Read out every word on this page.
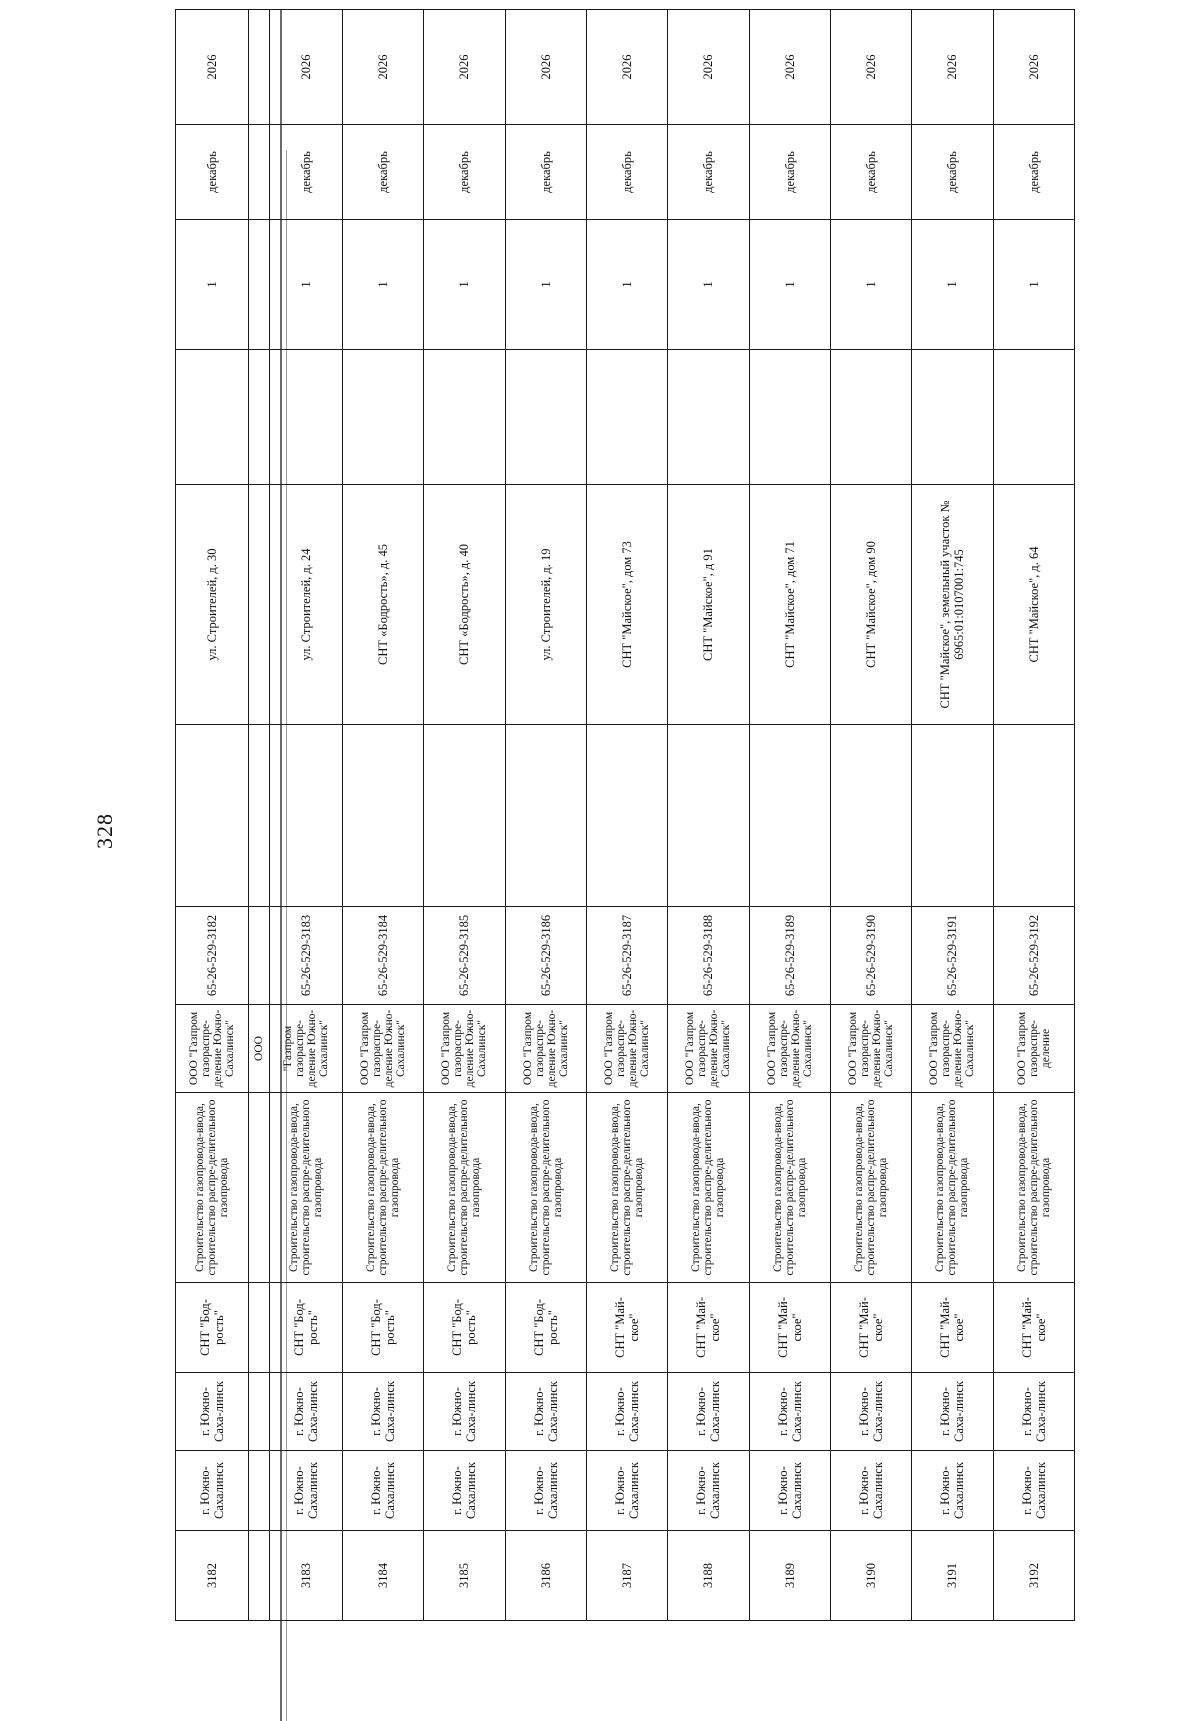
328
3182	г. Южно-Сахалинск	г. Южно-Саха-линск	СНТ "Бод-рость"	Строительство газопровода-ввода, строительство распре-делительного газопровода	ООО "Газпром газораспре-деление Южно-Сахалинск"	65-26-529-3182		ул. Строителей, д. 30		1	декабрь	2026
					ООО							
3183	г. Южно-Сахалинск	г. Южно-Саха-линск	СНТ "Бод-рость"	Строительство газопровода-ввода, строительство распре-делительного газопровода	"Газпром газораспре-деление Южно-Сахалинск"	65-26-529-3183		ул. Строителей, д. 24		1	декабрь	2026
3184	г. Южно-Сахалинск	г. Южно-Саха-линск	СНТ "Бод-рость"	Строительство газопровода-ввода, строительство распре-делительного газопровода	ООО "Газпром газораспре-деление Южно-Сахалинск"	65-26-529-3184		СНТ «Бодрость», д. 45		1	декабрь	2026
3185	г. Южно-Сахалинск	г. Южно-Саха-линск	СНТ "Бод-рость"	Строительство газопровода-ввода, строительство распре-делительного газопровода	ООО "Газпром газораспре-деление Южно-Сахалинск"	65-26-529-3185		СНТ «Бодрость», д. 40		1	декабрь	2026
3186	г. Южно-Сахалинск	г. Южно-Саха-линск	СНТ "Бод-рость"	Строительство газопровода-ввода, строительство распре-делительного газопровода	ООО "Газпром газораспре-деление Южно-Сахалинск"	65-26-529-3186		ул. Строителей, д. 19		1	декабрь	2026
3187	г. Южно-Сахалинск	г. Южно-Саха-линск	СНТ "Май-ское"	Строительство газопровода-ввода, строительство распре-делительного газопровода	ООО "Газпром газораспре-деление Южно-Сахалинск"	65-26-529-3187		СНТ "Майское", дом 73		1	декабрь	2026
3188	г. Южно-Сахалинск	г. Южно-Саха-линск	СНТ "Май-ское"	Строительство газопровода-ввода, строительство распре-делительного газопровода	ООО "Газпром газораспре-деление Южно-Сахалинск"	65-26-529-3188		СНТ "Майское", д 91		1	декабрь	2026
3189	г. Южно-Сахалинск	г. Южно-Саха-линск	СНТ "Май-ское"	Строительство газопровода-ввода, строительство распре-делительного газопровода	ООО "Газпром газораспре-деление Южно-Сахалинск"	65-26-529-3189		СНТ "Майское", дом 71		1	декабрь	2026
3190	г. Южно-Сахалинск	г. Южно-Саха-линск	СНТ "Май-ское"	Строительство газопровода-ввода, строительство распре-делительного газопровода	ООО "Газпром газораспре-деление Южно-Сахалинск"	65-26-529-3190		СНТ "Майское", дом 90		1	декабрь	2026
3191	г. Южно-Сахалинск	г. Южно-Саха-линск	СНТ "Май-ское"	Строительство газопровода-ввода, строительство распре-делительного газопровода	ООО "Газпром газораспре-деление Южно-Сахалинск"	65-26-529-3191		СНТ "Майское", земельный участок № 6965:01:0107001:745		1	декабрь	2026
3192	г. Южно-Сахалинск	г. Южно-Саха-линск	СНТ "Май-ское"	Строительство газопровода-ввода, строительство распре-делительного газопровода	ООО "Газпром газораспре-деление	65-26-529-3192		СНТ "Майское", д. 64		1	декабрь	2026
